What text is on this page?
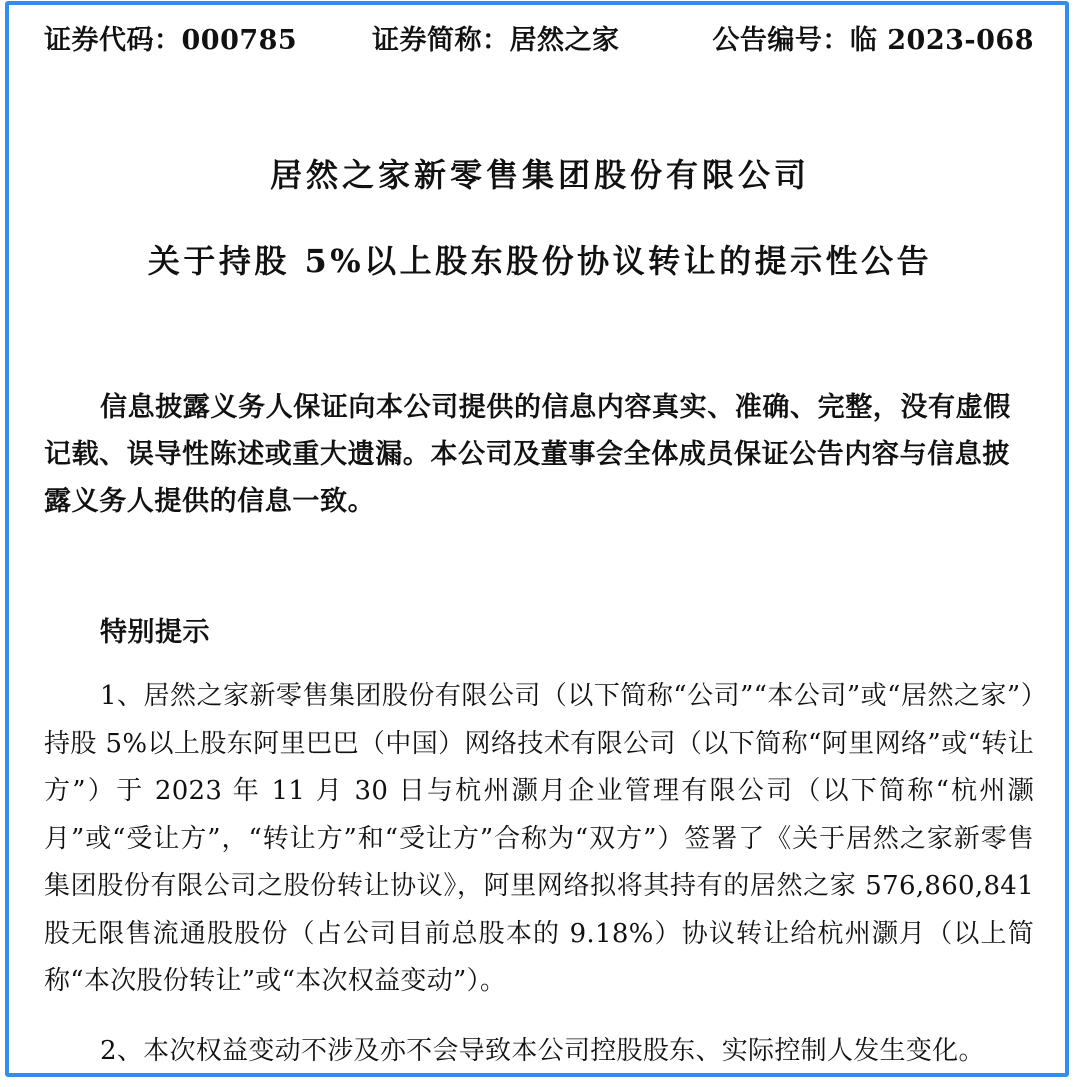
证券代码：000785	证券简称：居然之家	公告编号：临 2023-068
居然之家新零售集团股份有限公司
关于持股 5%以上股东股份协议转让的提示性公告
信息披露义务人保证向本公司提供的信息内容真实、准确、完整，没有虚假记载、误导性陈述或重大遗漏。本公司及董事会全体成员保证公告内容与信息披露义务人提供的信息一致。
特别提示
1、居然之家新零售集团股份有限公司（以下简称“公司”“本公司”或“居然之家”）持股 5%以上股东阿里巴巴（中国）网络技术有限公司（以下简称“阿里网络”或“转让方”）于 2023 年 11 月 30 日与杭州灏月企业管理有限公司（以下简称“杭州灏月”或“受让方”，“转让方”和“受让方”合称为“双方”）签署了《关于居然之家新零售集团股份有限公司之股份转让协议》，阿里网络拟将其持有的居然之家 576,860,841 股无限售流通股股份（占公司目前总股本的 9.18%）协议转让给杭州灏月（以上简称“本次股份转让”或“本次权益变动”）。
2、本次权益变动不涉及亦不会导致本公司控股股东、实际控制人发生变化。
